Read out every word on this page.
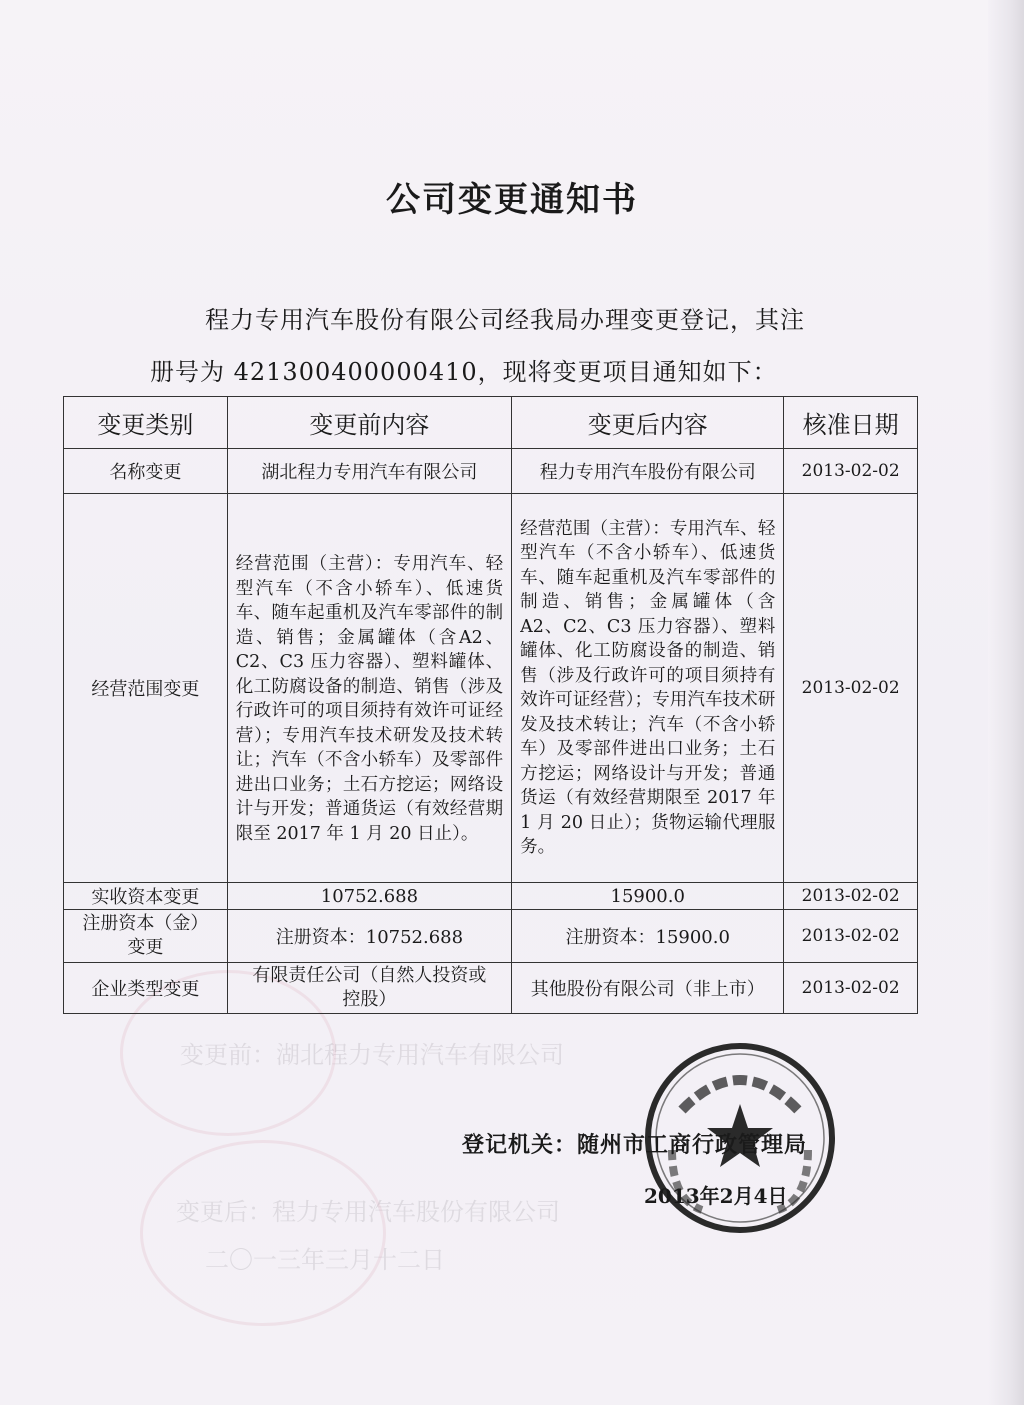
变更前：湖北程力专用汽车有限公司
变更后：程力专用汽车股份有限公司
二〇一三年三月十二日
公司变更通知书
程力专用汽车股份有限公司经我局办理变更登记，其注
册号为 421300400000410，现将变更项目通知如下：
变更类别	变更前内容	变更后内容	核准日期
名称变更	湖北程力专用汽车有限公司	程力专用汽车股份有限公司	2013-02-02
经营范围变更	经营范围（主营）：专用汽车、轻型汽车（不含小轿车）、低速货车、随车起重机及汽车零部件的制造、销售；金属罐体（含A2、C2、C3 压力容器）、塑料罐体、化工防腐设备的制造、销售（涉及行政许可的项目须持有效许可证经营）；专用汽车技术研发及技术转让；汽车（不含小轿车）及零部件进出口业务；土石方挖运；网络设计与开发；普通货运（有效经营期限至 2017 年 1 月 20 日止）。	经营范围（主营）：专用汽车、轻型汽车（不含小轿车）、低速货车、随车起重机及汽车零部件的制造、销售；金属罐体（含 A2、C2、C3 压力容器）、塑料罐体、化工防腐设备的制造、销售（涉及行政许可的项目须持有效许可证经营）；专用汽车技术研发及技术转让；汽车（不含小轿车）及零部件进出口业务；土石方挖运；网络设计与开发；普通货运（有效经营期限至 2017 年 1 月 20 日止）；货物运输代理服务。	2013-02-02
实收资本变更	10752.688	15900.0	2013-02-02

注册资本（金）
变更	注册资本：10752.688	注册资本：15900.0	2013-02-02
企业类型变更	有限责任公司（自然人投资或
控股）	其他股份有限公司（非上市）	2013-02-02
登记机关：随州市工商行政管理局
2013年2月4日
